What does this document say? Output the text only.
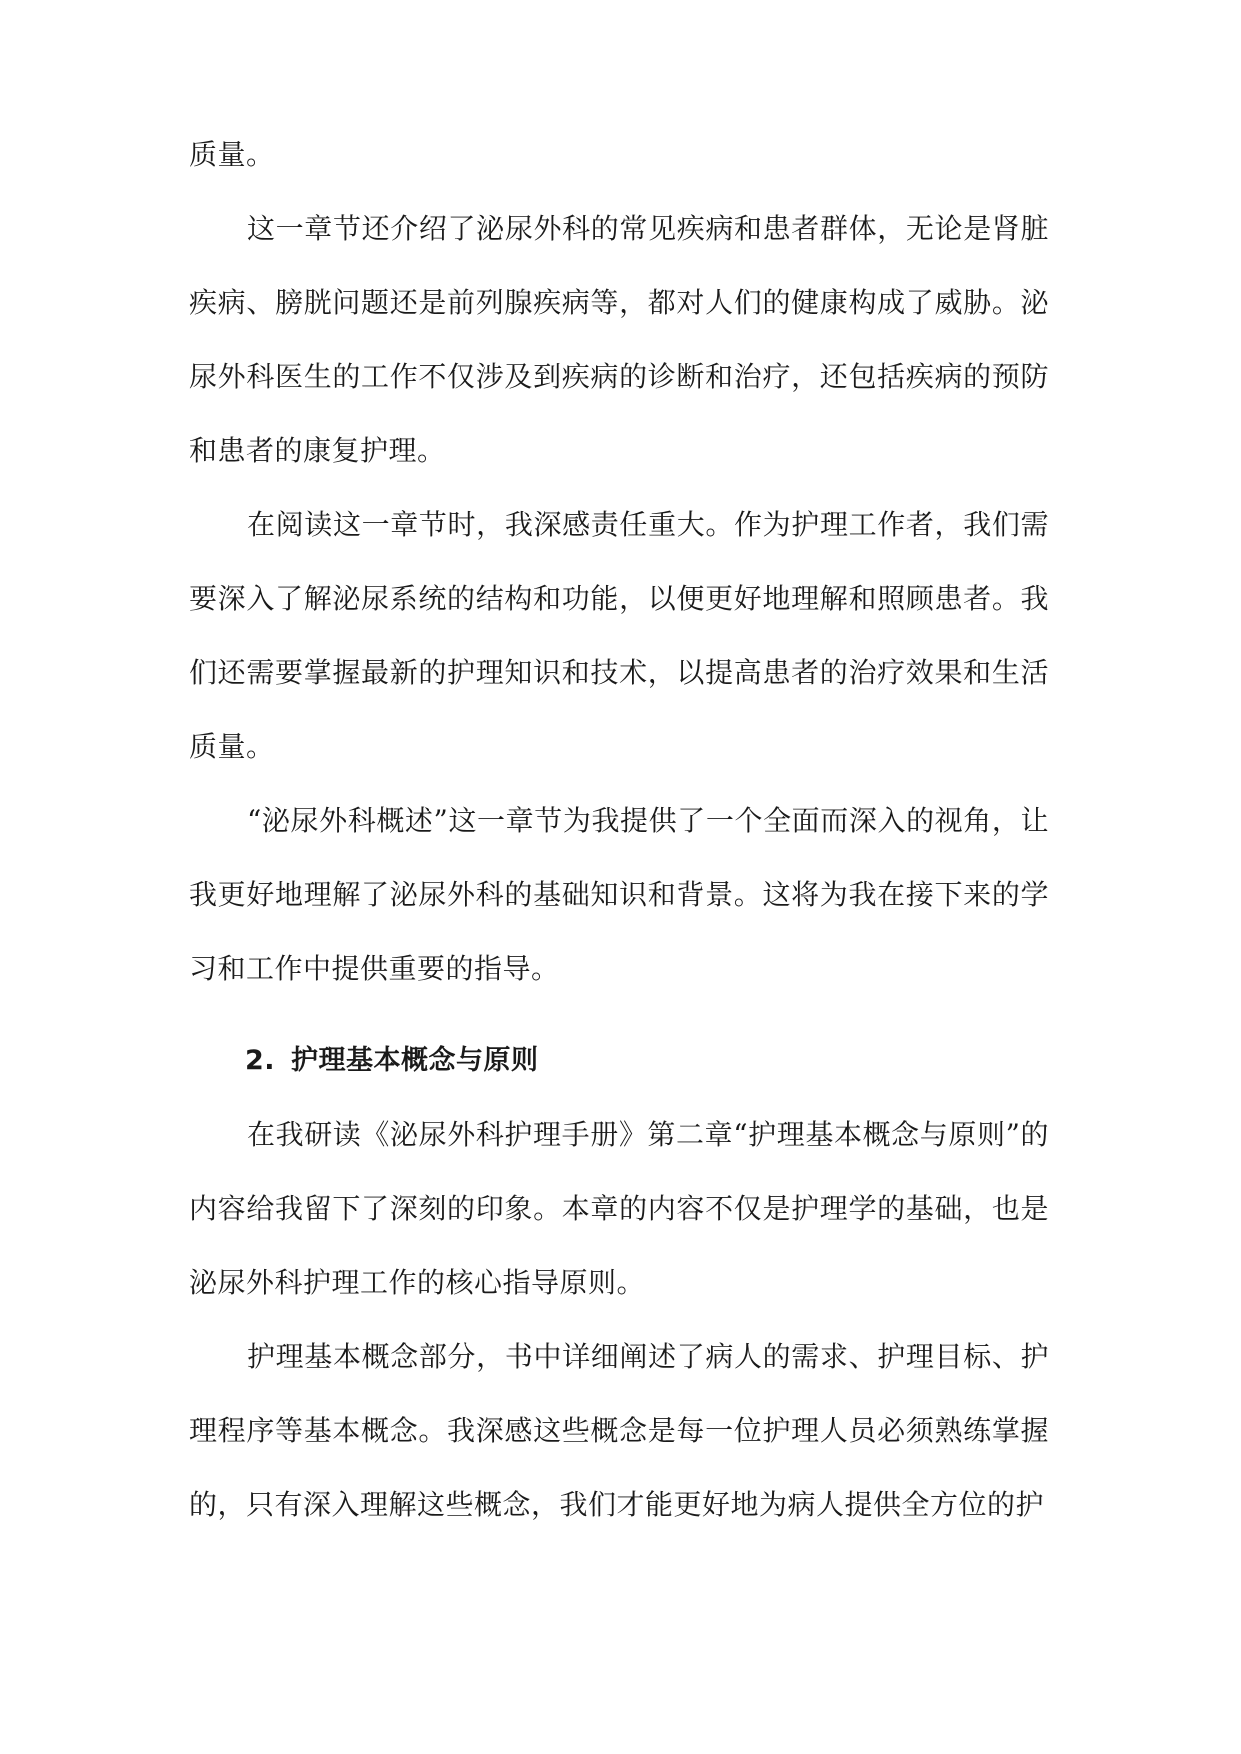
质量。

这一章节还介绍了泌尿外科的常见疾病和患者群体，无论是肾脏疾病、膀胱问题还是前列腺疾病等，都对人们的健康构成了威胁。泌尿外科医生的工作不仅涉及到疾病的诊断和治疗，还包括疾病的预防和患者的康复护理。

在阅读这一章节时，我深感责任重大。作为护理工作者，我们需要深入了解泌尿系统的结构和功能，以便更好地理解和照顾患者。我们还需要掌握最新的护理知识和技术，以提高患者的治疗效果和生活质量。

“泌尿外科概述”这一章节为我提供了一个全面而深入的视角，让我更好地理解了泌尿外科的基础知识和背景。这将为我在接下来的学习和工作中提供重要的指导。

2. 护理基本概念与原则

在我研读《泌尿外科护理手册》第二章“护理基本概念与原则”的内容给我留下了深刻的印象。本章的内容不仅是护理学的基础，也是泌尿外科护理工作的核心指导原则。

护理基本概念部分，书中详细阐述了病人的需求、护理目标、护理程序等基本概念。我深感这些概念是每一位护理人员必须熟练掌握的，只有深入理解这些概念，我们才能更好地为病人提供全方位的护
